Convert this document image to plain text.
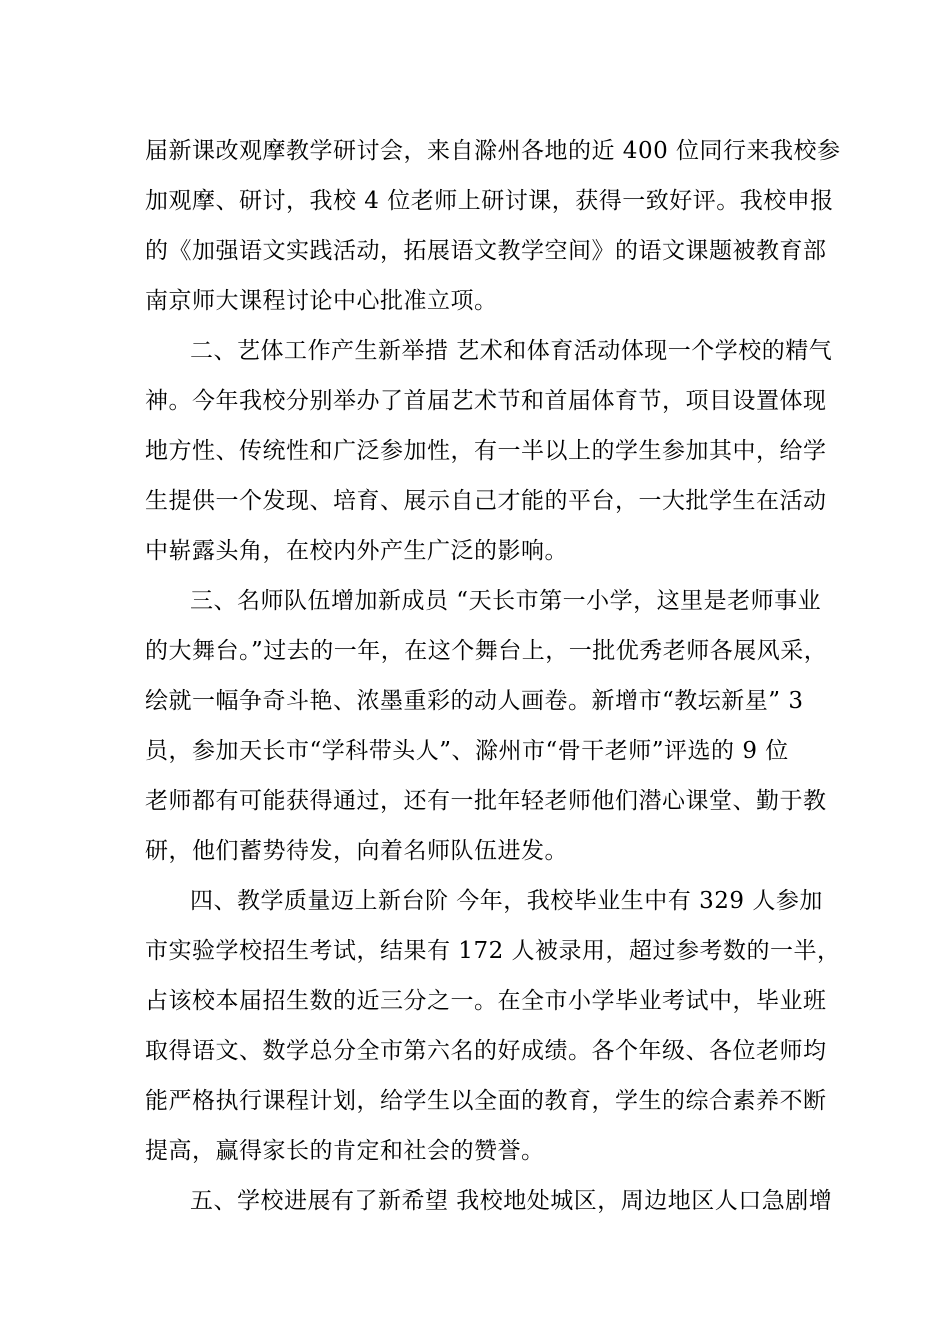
届新课改观摩教学研讨会，来自滁州各地的近 400 位同行来我校参
加观摩、研讨，我校 4 位老师上研讨课，获得一致好评。我校申报
的《加强语文实践活动，拓展语文教学空间》的语文课题被教育部
南京师大课程讨论中心批准立项。
二、艺体工作产生新举措 艺术和体育活动体现一个学校的精气
神。今年我校分别举办了首届艺术节和首届体育节，项目设置体现
地方性、传统性和广泛参加性，有一半以上的学生参加其中，给学
生提供一个发现、培育、展示自己才能的平台，一大批学生在活动
中崭露头角，在校内外产生广泛的影响。
三、名师队伍增加新成员 “天长市第一小学，这里是老师事业
的大舞台。”过去的一年，在这个舞台上，一批优秀老师各展风采，
绘就一幅争奇斗艳、浓墨重彩的动人画卷。新增市“教坛新星” 3
员，参加天长市“学科带头人”、滁州市“骨干老师”评选的 9 位
老师都有可能获得通过，还有一批年轻老师他们潜心课堂、勤于教
研，他们蓄势待发，向着名师队伍进发。
四、教学质量迈上新台阶 今年，我校毕业生中有 329 人参加
市实验学校招生考试，结果有 172 人被录用，超过参考数的一半，
占该校本届招生数的近三分之一。在全市小学毕业考试中，毕业班
取得语文、数学总分全市第六名的好成绩。各个年级、各位老师均
能严格执行课程计划，给学生以全面的教育，学生的综合素养不断
提高，赢得家长的肯定和社会的赞誉。
五、学校进展有了新希望 我校地处城区，周边地区人口急剧增
